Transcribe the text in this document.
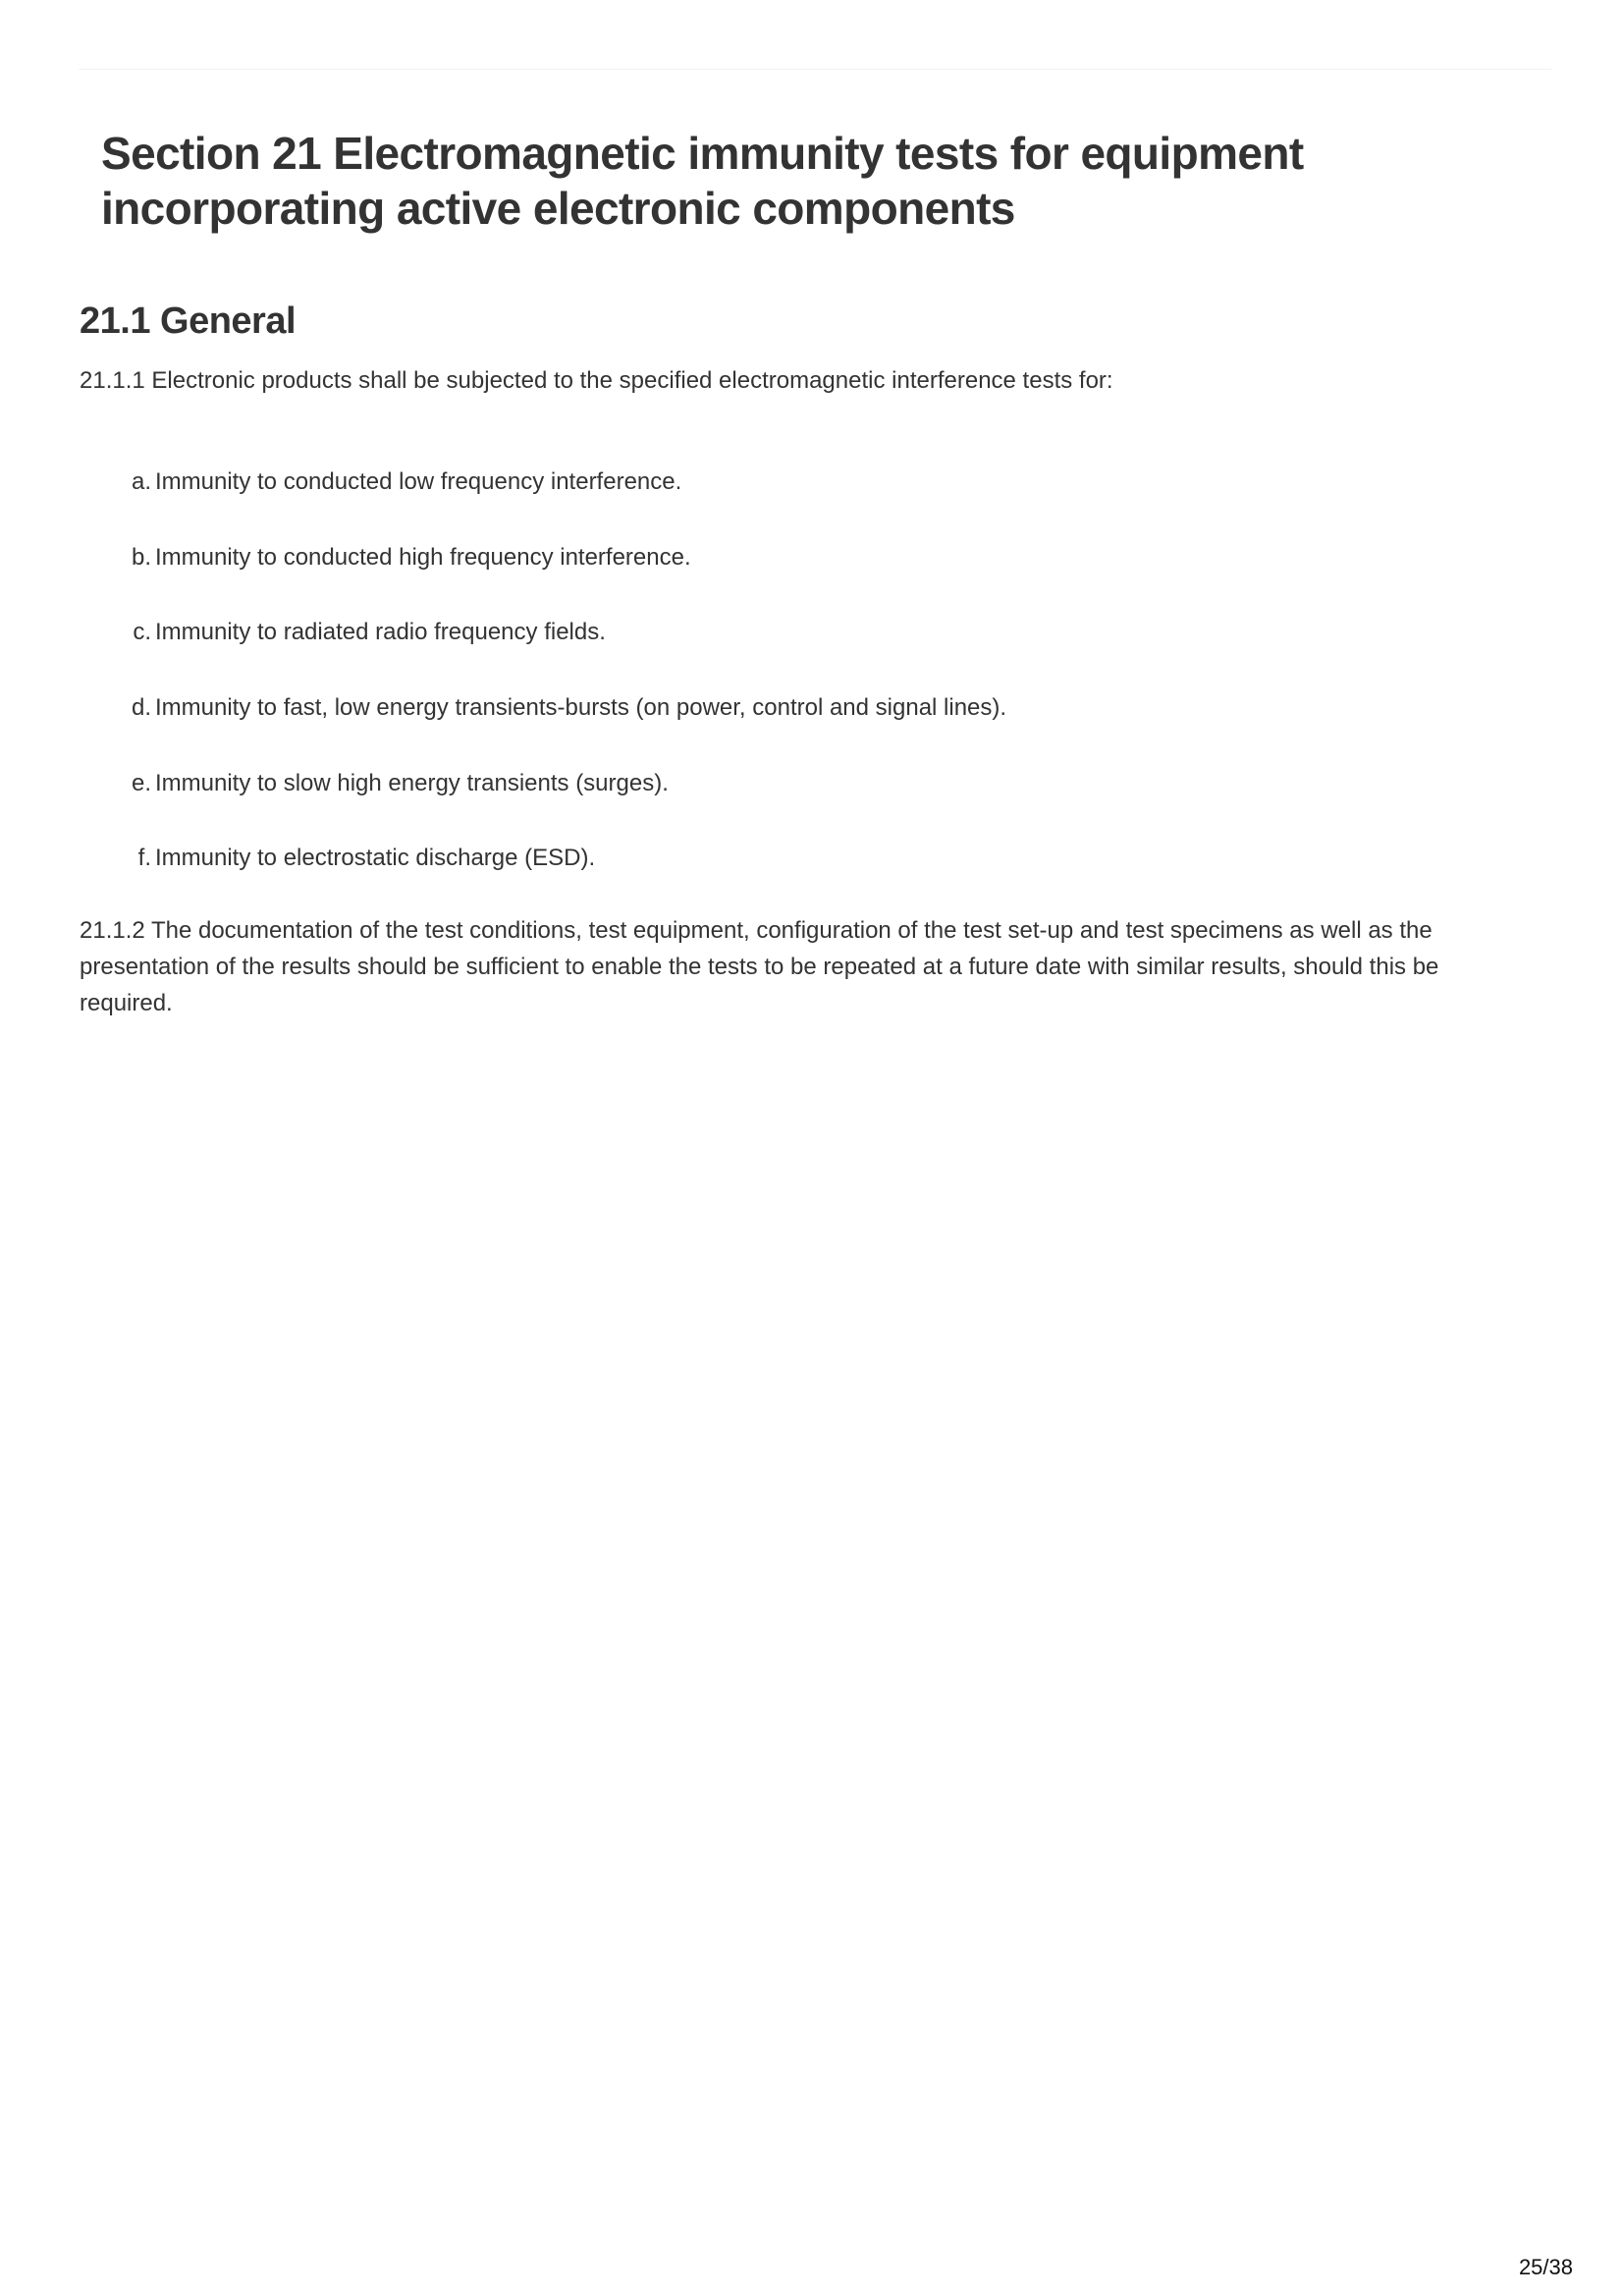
Section 21 Electromagnetic immunity tests for equipment incorporating active electronic components
21.1 General

21.1.1 Electronic products shall be subjected to the specified electromagnetic interference tests for:

a. Immunity to conducted low frequency interference.
b. Immunity to conducted high frequency interference.
c. Immunity to radiated radio frequency fields.
d. Immunity to fast, low energy transients-bursts (on power, control and signal lines).
e. Immunity to slow high energy transients (surges).
f. Immunity to electrostatic discharge (ESD).

21.1.2 The documentation of the test conditions, test equipment, configuration of the test set-up and test specimens as well as the presentation of the results should be sufficient to enable the tests to be repeated at a future date with similar results, should this be required.

25/38
